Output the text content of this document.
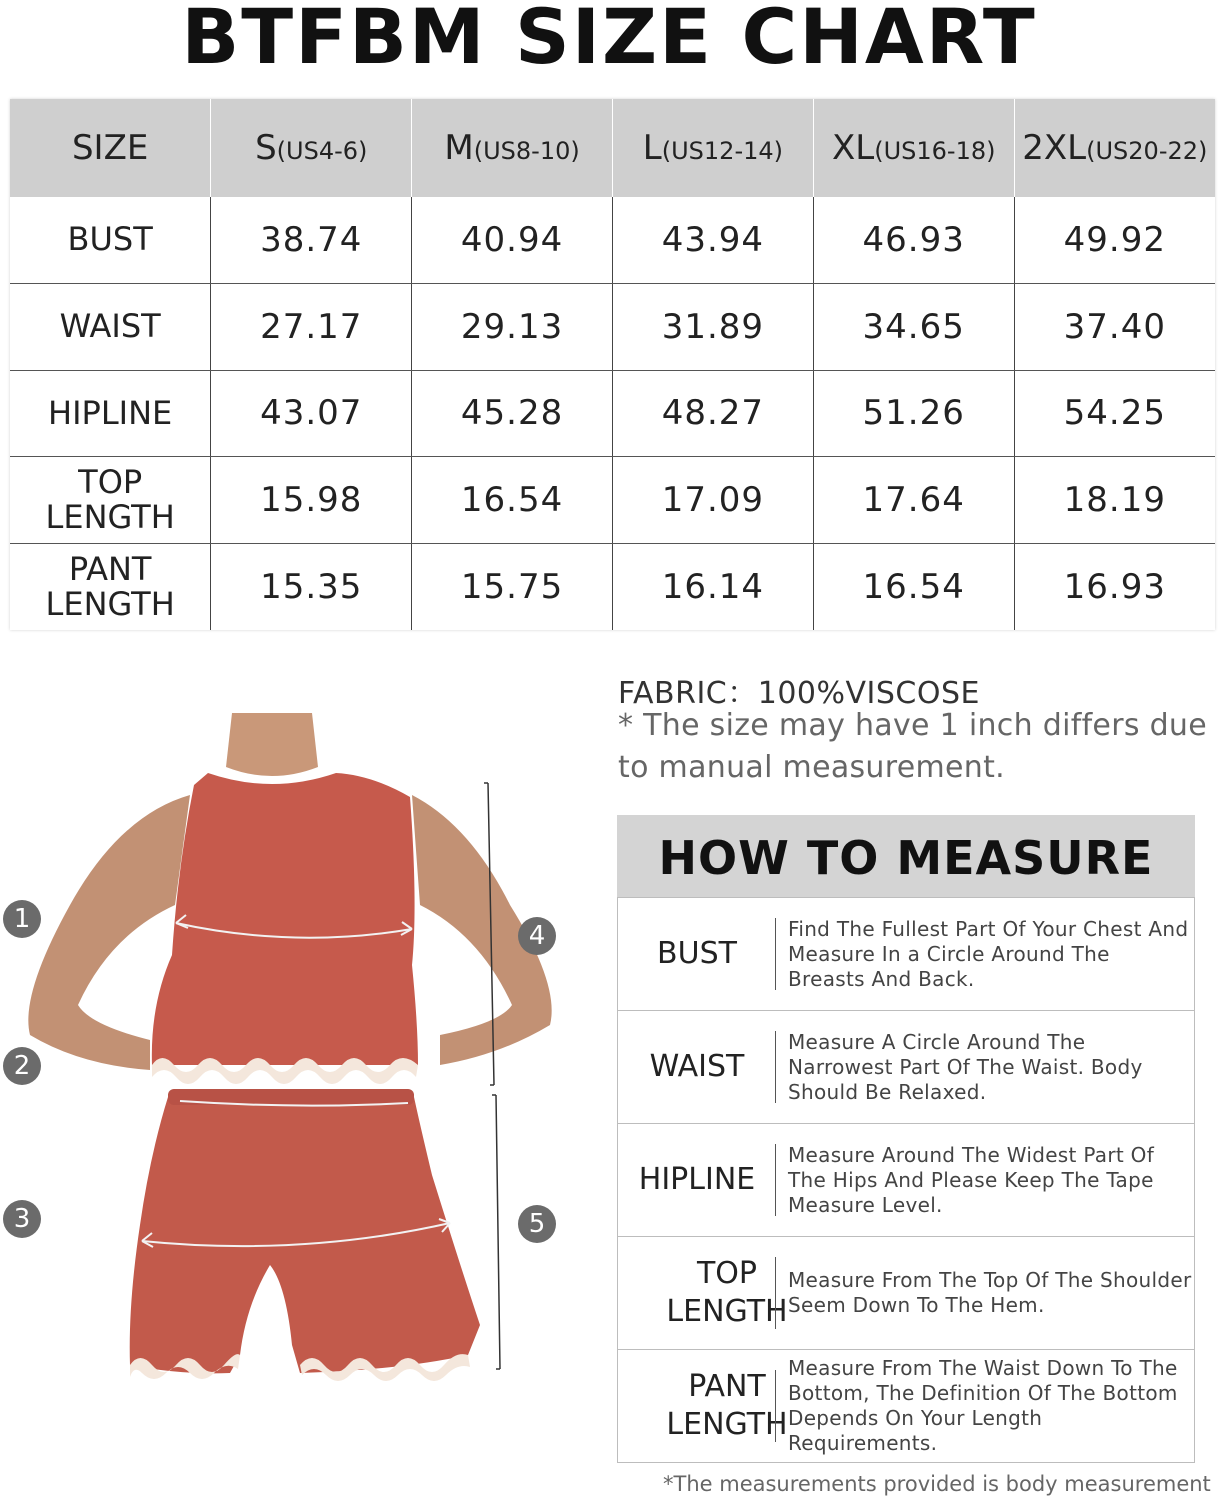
BTFBM SIZE CHART
SIZE	S(US4-6)	M(US8-10)	L(US12-14)	XL(US16-18)	2XL(US20-22)
BUST	38.74	40.94	43.94	46.93	49.92
WAIST	27.17	29.13	31.89	34.65	37.40
HIPLINE	43.07	45.28	48.27	51.26	54.25
TOP LENGTH	15.98	16.54	17.09	17.64	18.19
PANT LENGTH	15.35	15.75	16.14	16.54	16.93
1
2
3
4
5
FABRIC：100%VISCOSE
* The size may have 1 inch differs due to manual measurement.
HOW TO MEASURE
BUST
Find The Fullest Part Of Your Chest And Measure In a Circle Around The Breasts And Back.
WAIST
Measure A Circle Around The Narrowest Part Of The Waist. Body Should Be Relaxed.
HIPLINE
Measure Around The Widest Part Of The Hips And Please Keep The Tape Measure Level.
TOP LENGTH
Measure From The Top Of The Shoulder Seem Down To The Hem.
PANT LENGTH
Measure From The Waist Down To The Bottom, The Definition Of The Bottom Depends On Your Length Requirements.
*The measurements provided is body measurement
